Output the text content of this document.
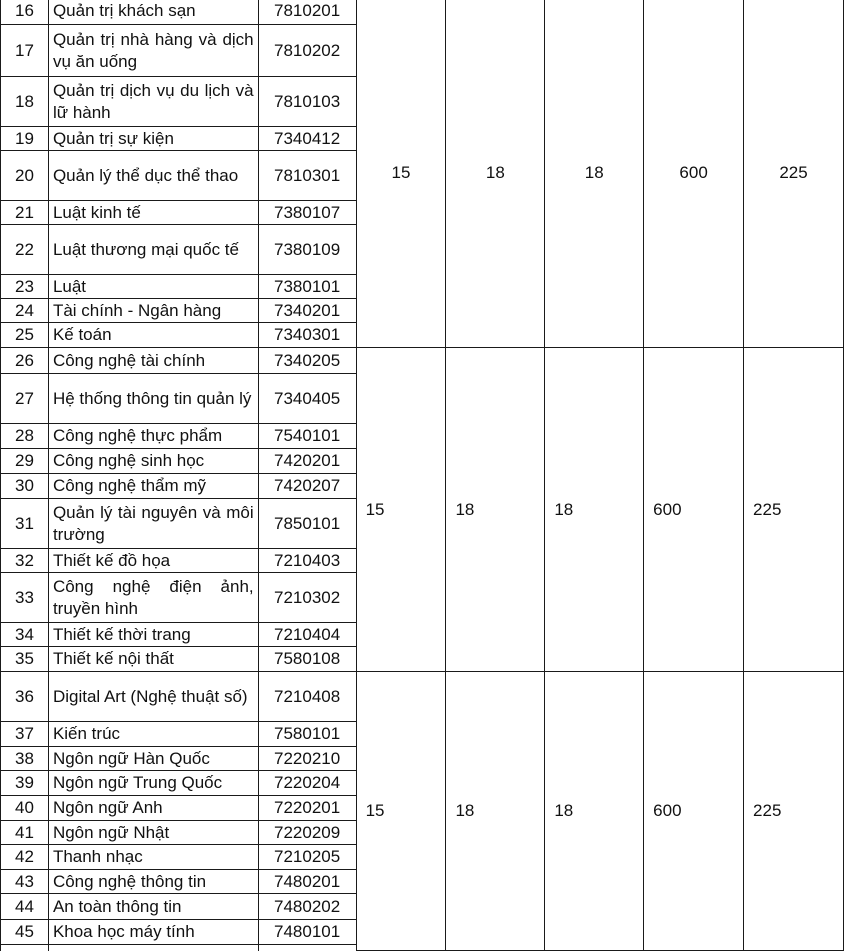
16	Quản trị khách sạn	7810201	15	18	18	600	225
17	Quản trị nhà hàng và dịch vụ ăn uống	7810202					
18	Quản trị dịch vụ du lịch và lữ hành	7810103					
19	Quản trị sự kiện	7340412					
20	Quản lý thể dục thể thao	7810301					
21	Luật kinh tế	7380107					
22	Luật thương mại quốc tế	7380109					
23	Luật	7380101					
24	Tài chính - Ngân hàng	7340201					
25	Kế toán	7340301					
26	Công nghệ tài chính	7340205	15	18	18	600	225
27	Hệ thống thông tin quản lý	7340405					
28	Công nghệ thực phẩm	7540101					
29	Công nghệ sinh học	7420201					
30	Công nghệ thẩm mỹ	7420207					
31	Quản lý tài nguyên và môi trường	7850101					
32	Thiết kế đồ họa	7210403					
33	Công nghệ điện ảnh, truyền hình	7210302					
34	Thiết kế thời trang	7210404					
35	Thiết kế nội thất	7580108					
36	Digital Art (Nghệ thuật số)	7210408	15	18	18	600	225
37	Kiến trúc	7580101					
38	Ngôn ngữ Hàn Quốc	7220210					
39	Ngôn ngữ Trung Quốc	7220204					
40	Ngôn ngữ Anh	7220201					
41	Ngôn ngữ Nhật	7220209					
42	Thanh nhạc	7210205					
43	Công nghệ thông tin	7480201					
44	An toàn thông tin	7480202					
45	Khoa học máy tính	7480101					
